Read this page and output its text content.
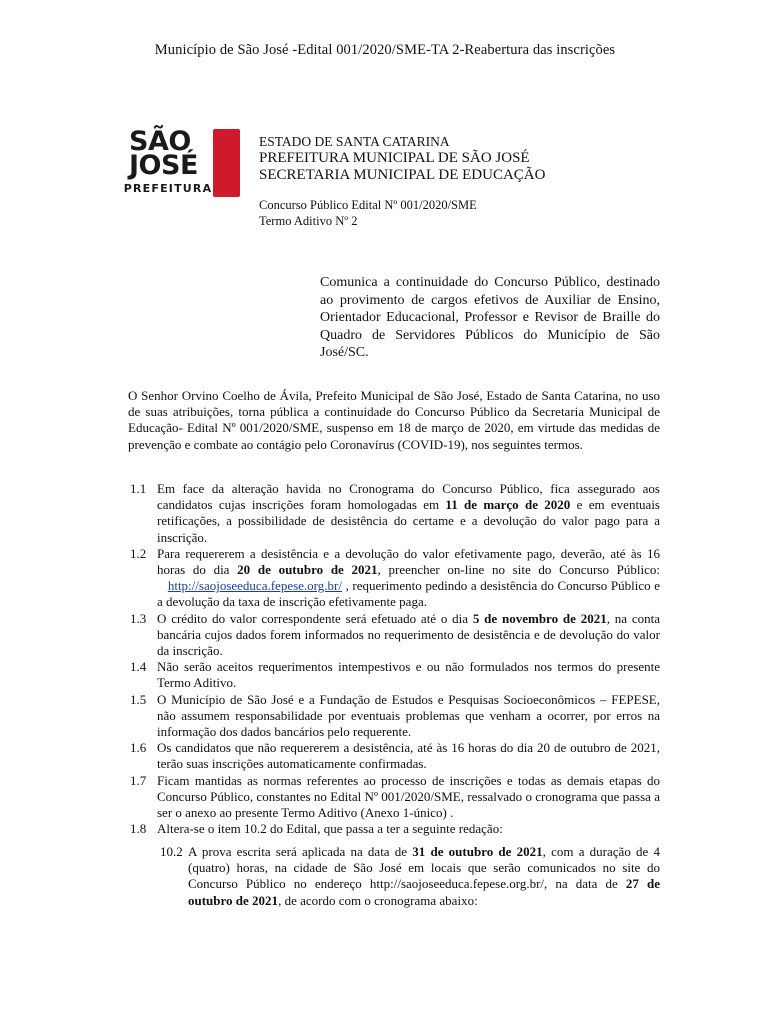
Município de São José -Edital 001/2020/SME-TA 2-Reabertura das inscrições
SÃO
JOSÉ
PREFEITURA
ESTADO DE SANTA CATARINA
PREFEITURA MUNICIPAL DE SÃO JOSÉ
SECRETARIA MUNICIPAL DE EDUCAÇÃO
Concurso Público Edital Nº 001/2020/SME
Termo Aditivo Nº 2
Comunica a continuidade do Concurso Público, destinado ao provimento de cargos efetivos de Auxiliar de Ensino, Orientador Educacional, Professor e Revisor de Braille do Quadro de Servidores Públicos do Município de São José/SC.
O Senhor Orvino Coelho de Ávila, Prefeito Municipal de São José, Estado de Santa Catarina, no uso de suas atribuições, torna pública a continuidade do Concurso Público da Secretaria Municipal de Educação- Edital Nº 001/2020/SME, suspenso em 18 de março de 2020, em virtude das medidas de prevenção e combate ao contágio pelo Coronavírus (COVID-19), nos seguintes termos.
1.1 Em face da alteração havida no Cronograma do Concurso Público, fica assegurado aos candidatos cujas inscrições foram homologadas em 11 de março de 2020 e em eventuais retificações, a possibilidade de desistência do certame e a devolução do valor pago para a inscrição.
1.2 Para requererem a desistência e a devolução do valor efetivamente pago, deverão, até às 16 horas do dia 20 de outubro de 2021, preencher on-line no site do Concurso Público:    http://saojoseeduca.fepese.org.br/ , requerimento pedindo a desistência do Concurso Público e a devolução da taxa de inscrição efetivamente paga.
1.3 O crédito do valor correspondente será efetuado até o dia 5 de novembro de 2021, na conta bancária cujos dados forem informados no requerimento de desistência e de devolução do valor da inscrição.
1.4 Não serão aceitos requerimentos intempestivos e ou não formulados nos termos do presente Termo Aditivo.
1.5 O Município de São José e a Fundação de Estudos e Pesquisas Socioeconômicos – FEPESE, não assumem responsabilidade por eventuais problemas que venham a ocorrer, por erros na informação dos dados bancários pelo requerente.
1.6 Os candidatos que não requererem a desistência, até às 16 horas do dia 20 de outubro de 2021, terão suas inscrições automaticamente confirmadas.
1.7 Ficam mantidas as normas referentes ao processo de inscrições e todas as demais etapas do Concurso Público, constantes no Edital Nº 001/2020/SME, ressalvado o cronograma que passa a ser o anexo ao presente Termo Aditivo (Anexo 1-único) .
1.8 Altera-se o item 10.2 do Edital, que passa a ter a seguinte redação:
10.2 A prova escrita será aplicada na data de 31 de outubro de 2021, com a duração de 4 (quatro) horas, na cidade de São José em locais que serão comunicados no site do Concurso Público no endereço http://saojoseeduca.fepese.org.br/, na data de 27 de outubro de 2021, de acordo com o cronograma abaixo:
